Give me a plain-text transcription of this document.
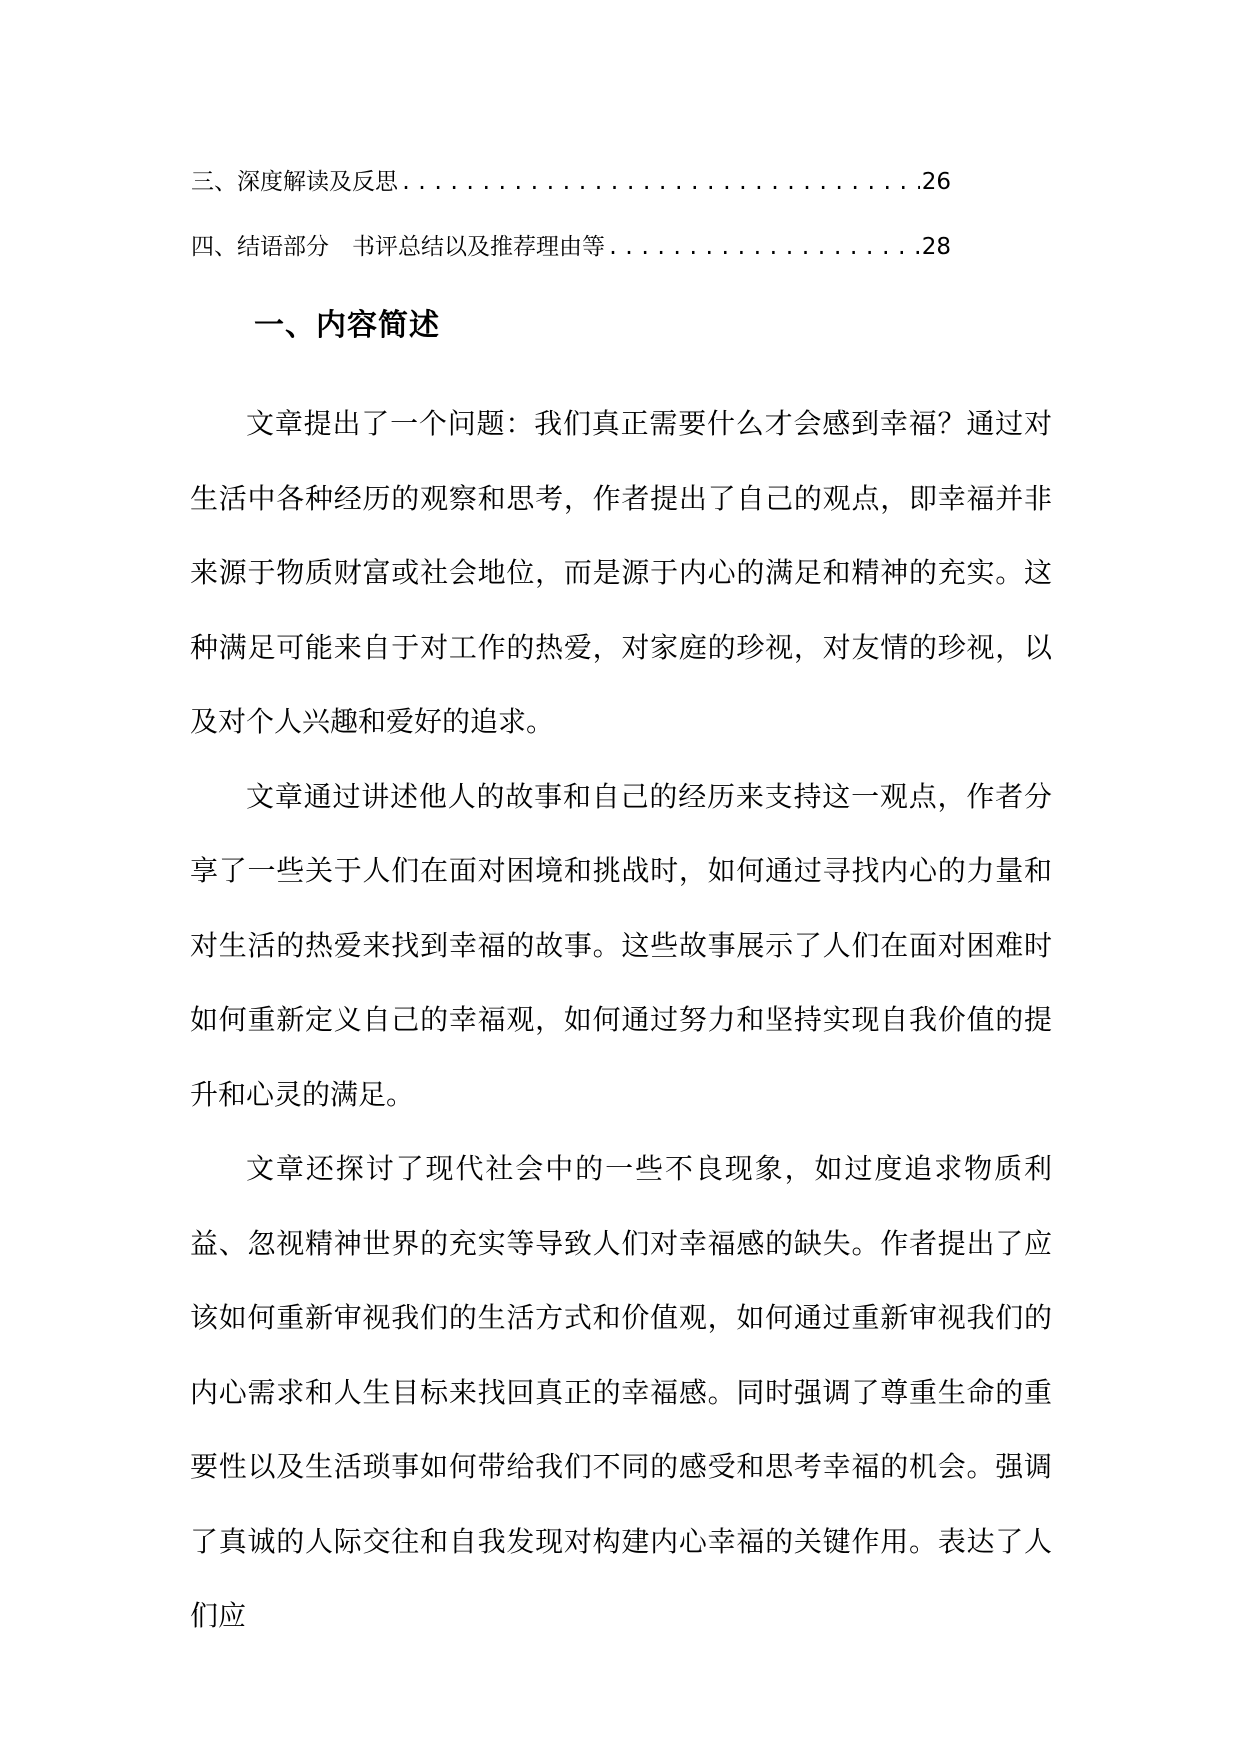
三、深度解读及反思 .....	26
四、结语部分　书评总结以及推荐理由等 .....	28
一、内容简述

文章提出了一个问题：我们真正需要什么才会感到幸福？通过对生活中各种经历的观察和思考，作者提出了自己的观点，即幸福并非来源于物质财富或社会地位，而是源于内心的满足和精神的充实。这种满足可能来自于对工作的热爱，对家庭的珍视，对友情的珍视，以及对个人兴趣和爱好的追求。

文章通过讲述他人的故事和自己的经历来支持这一观点，作者分享了一些关于人们在面对困境和挑战时，如何通过寻找内心的力量和对生活的热爱来找到幸福的故事。这些故事展示了人们在面对困难时如何重新定义自己的幸福观，如何通过努力和坚持实现自我价值的提升和心灵的满足。

文章还探讨了现代社会中的一些不良现象，如过度追求物质利益、忽视精神世界的充实等导致人们对幸福感的缺失。作者提出了应该如何重新审视我们的生活方式和价值观，如何通过重新审视我们的内心需求和人生目标来找回真正的幸福感。同时强调了尊重生命的重要性以及生活琐事如何带给我们不同的感受和思考幸福的机会。强调了真诚的人际交往和自我发现对构建内心幸福的关键作用。表达了人们应
